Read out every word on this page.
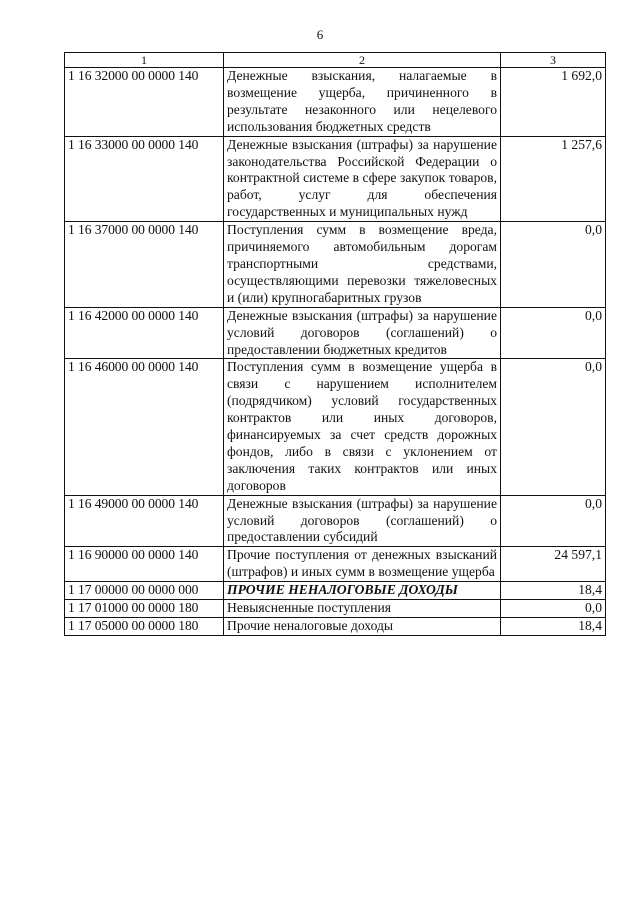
6
1	2	3
1 16 32000 00 0000 140	Денежные взыскания, налагаемые в возмещение ущерба, причиненного в результате незаконного или нецелевого использования бюджетных средств	1 692,0
1 16 33000 00 0000 140	Денежные взыскания (штрафы) за нарушение законодательства Российской Федерации о контрактной системе в сфере закупок товаров, работ, услуг для обеспечения государственных и муниципальных нужд	1 257,6
1 16 37000 00 0000 140	Поступления сумм в возмещение вреда, причиняемого автомобильным дорогам транспортными средствами, осуществляющими перевозки тяжеловесных и (или) крупногабаритных грузов	0,0
1 16 42000 00 0000 140	Денежные взыскания (штрафы) за нарушение условий договоров (соглашений) о предоставлении бюджетных кредитов	0,0
1 16 46000 00 0000 140	Поступления сумм в возмещение ущерба в связи с нарушением исполнителем (подрядчиком) условий государственных контрактов или иных договоров, финансируемых за счет средств дорожных фондов, либо в связи с уклонением от заключения таких контрактов или иных договоров	0,0
1 16 49000 00 0000 140	Денежные взыскания (штрафы) за нарушение условий договоров (соглашений) о предоставлении субсидий	0,0
1 16 90000 00 0000 140	Прочие поступления от денежных взысканий (штрафов) и иных сумм в возмещение ущерба	24 597,1
1 17 00000 00 0000 000	ПРОЧИЕ НЕНАЛОГОВЫЕ ДОХОДЫ	18,4
1 17 01000 00 0000 180	Невыясненные поступления	0,0
1 17 05000 00 0000 180	Прочие неналоговые доходы	18,4
